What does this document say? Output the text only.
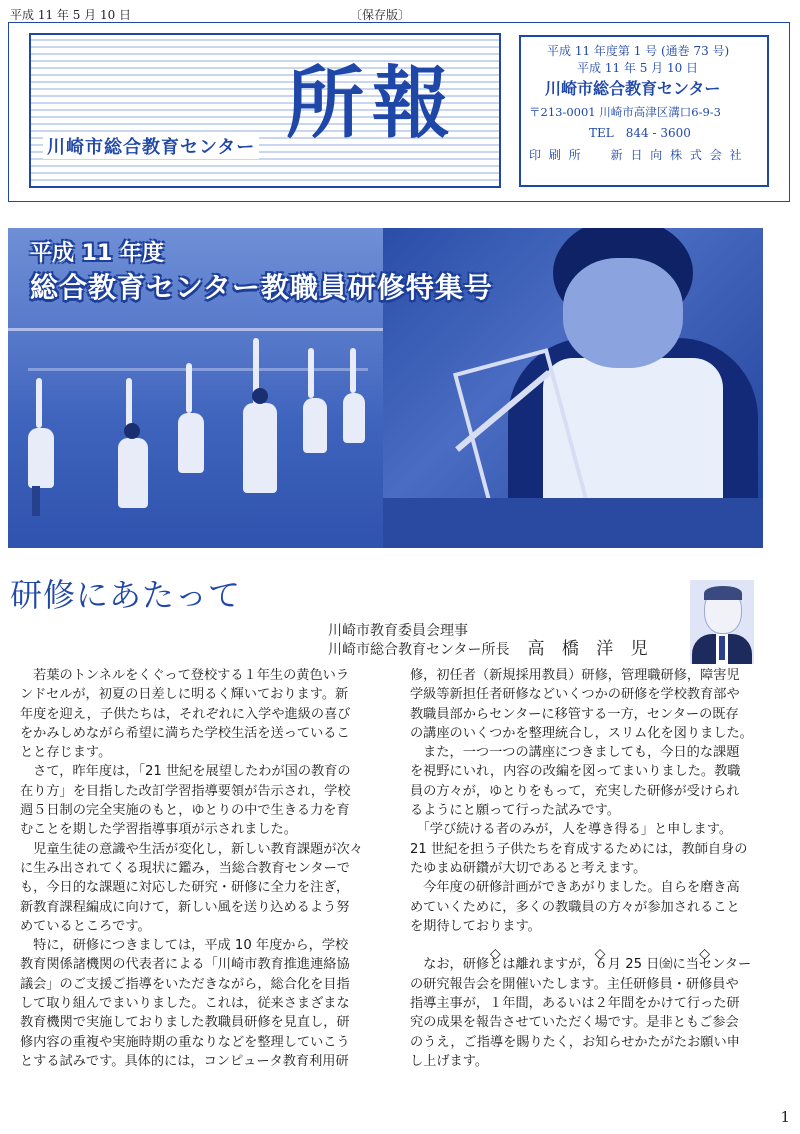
平成 11 年 5 月 10 日	〔保存版〕
川崎市総合教育センター 所報
平成 11 年度第 1 号 (通巻 73 号)
平成 11 年 5 月 10 日
川崎市総合教育センター
〒213-0001 川崎市高津区溝口6-9-3
TEL　844 - 3600
印 刷 所　　新 日 向 株 式 会 社
平成 11 年度
総合教育センター教職員研修特集号
研修にあたって
川崎市教育委員会理事
川崎市総合教育センター所長 高 橋 洋 児

　若葉のトンネルをくぐって登校する１年生の黄色いラ

ンドセルが，初夏の日差しに明るく輝いております。新

年度を迎え，子供たちは，それぞれに入学や進級の喜び

をかみしめながら希望に満ちた学校生活を送っているこ

とと存じます。

　さて，昨年度は，「21 世紀を展望したわが国の教育の

在り方」を目指した改訂学習指導要領が告示され，学校

週５日制の完全実施のもと，ゆとりの中で生きる力を育

むことを期した学習指導事項が示されました。

　児童生徒の意識や生活が変化し，新しい教育課題が次々

に生み出されてくる現状に鑑み，当総合教育センターで

も，今日的な課題に対応した研究・研修に全力を注ぎ，

新教育課程編成に向けて，新しい風を送り込めるよう努

めているところです。

　特に，研修につきましては，平成 10 年度から，学校

教育関係諸機関の代表者による「川崎市教育推進連絡協

議会」のご支援ご指導をいただきながら，総合化を目指

して取り組んでまいりました。これは，従来さまざまな

教育機関で実施しておりました教職員研修を見直し，研

修内容の重複や実施時期の重なりなどを整理していこう

とする試みです。具体的には，コンピュータ教育利用研

修，初任者（新規採用教員）研修，管理職研修，障害児

学級等新担任者研修などいくつかの研修を学校教育部や

教職員部からセンターに移管する一方，センターの既存

の講座のいくつかを整理統合し，スリム化を図りました。

　また，一つ一つの講座につきましても，今日的な課題

を視野にいれ，内容の改編を図ってまいりました。教職

員の方々が，ゆとりをもって，充実した研修が受けられ

るようにと願って行った試みです。

　「学び続ける者のみが，人を導き得る」と申します。

21 世紀を担う子供たちを育成するためには，教師自身の

たゆまぬ研鑽が大切であると考えます。

　今年度の研修計画ができあがりました。自らを磨き高

めていくために，多くの教職員の方々が参加されること

を期待しております。

　なお，研修とは離れますが，６月 25 日㈮に当センター

の研究報告会を開催いたします。主任研修員・研修員や

指導主事が，１年間，あるいは２年間をかけて行った研

究の成果を報告させていただく場です。是非ともご参会

のうえ，ご指導を賜りたく，お知らせかたがたお願い申

し上げます。

◇	◇	◇
1
